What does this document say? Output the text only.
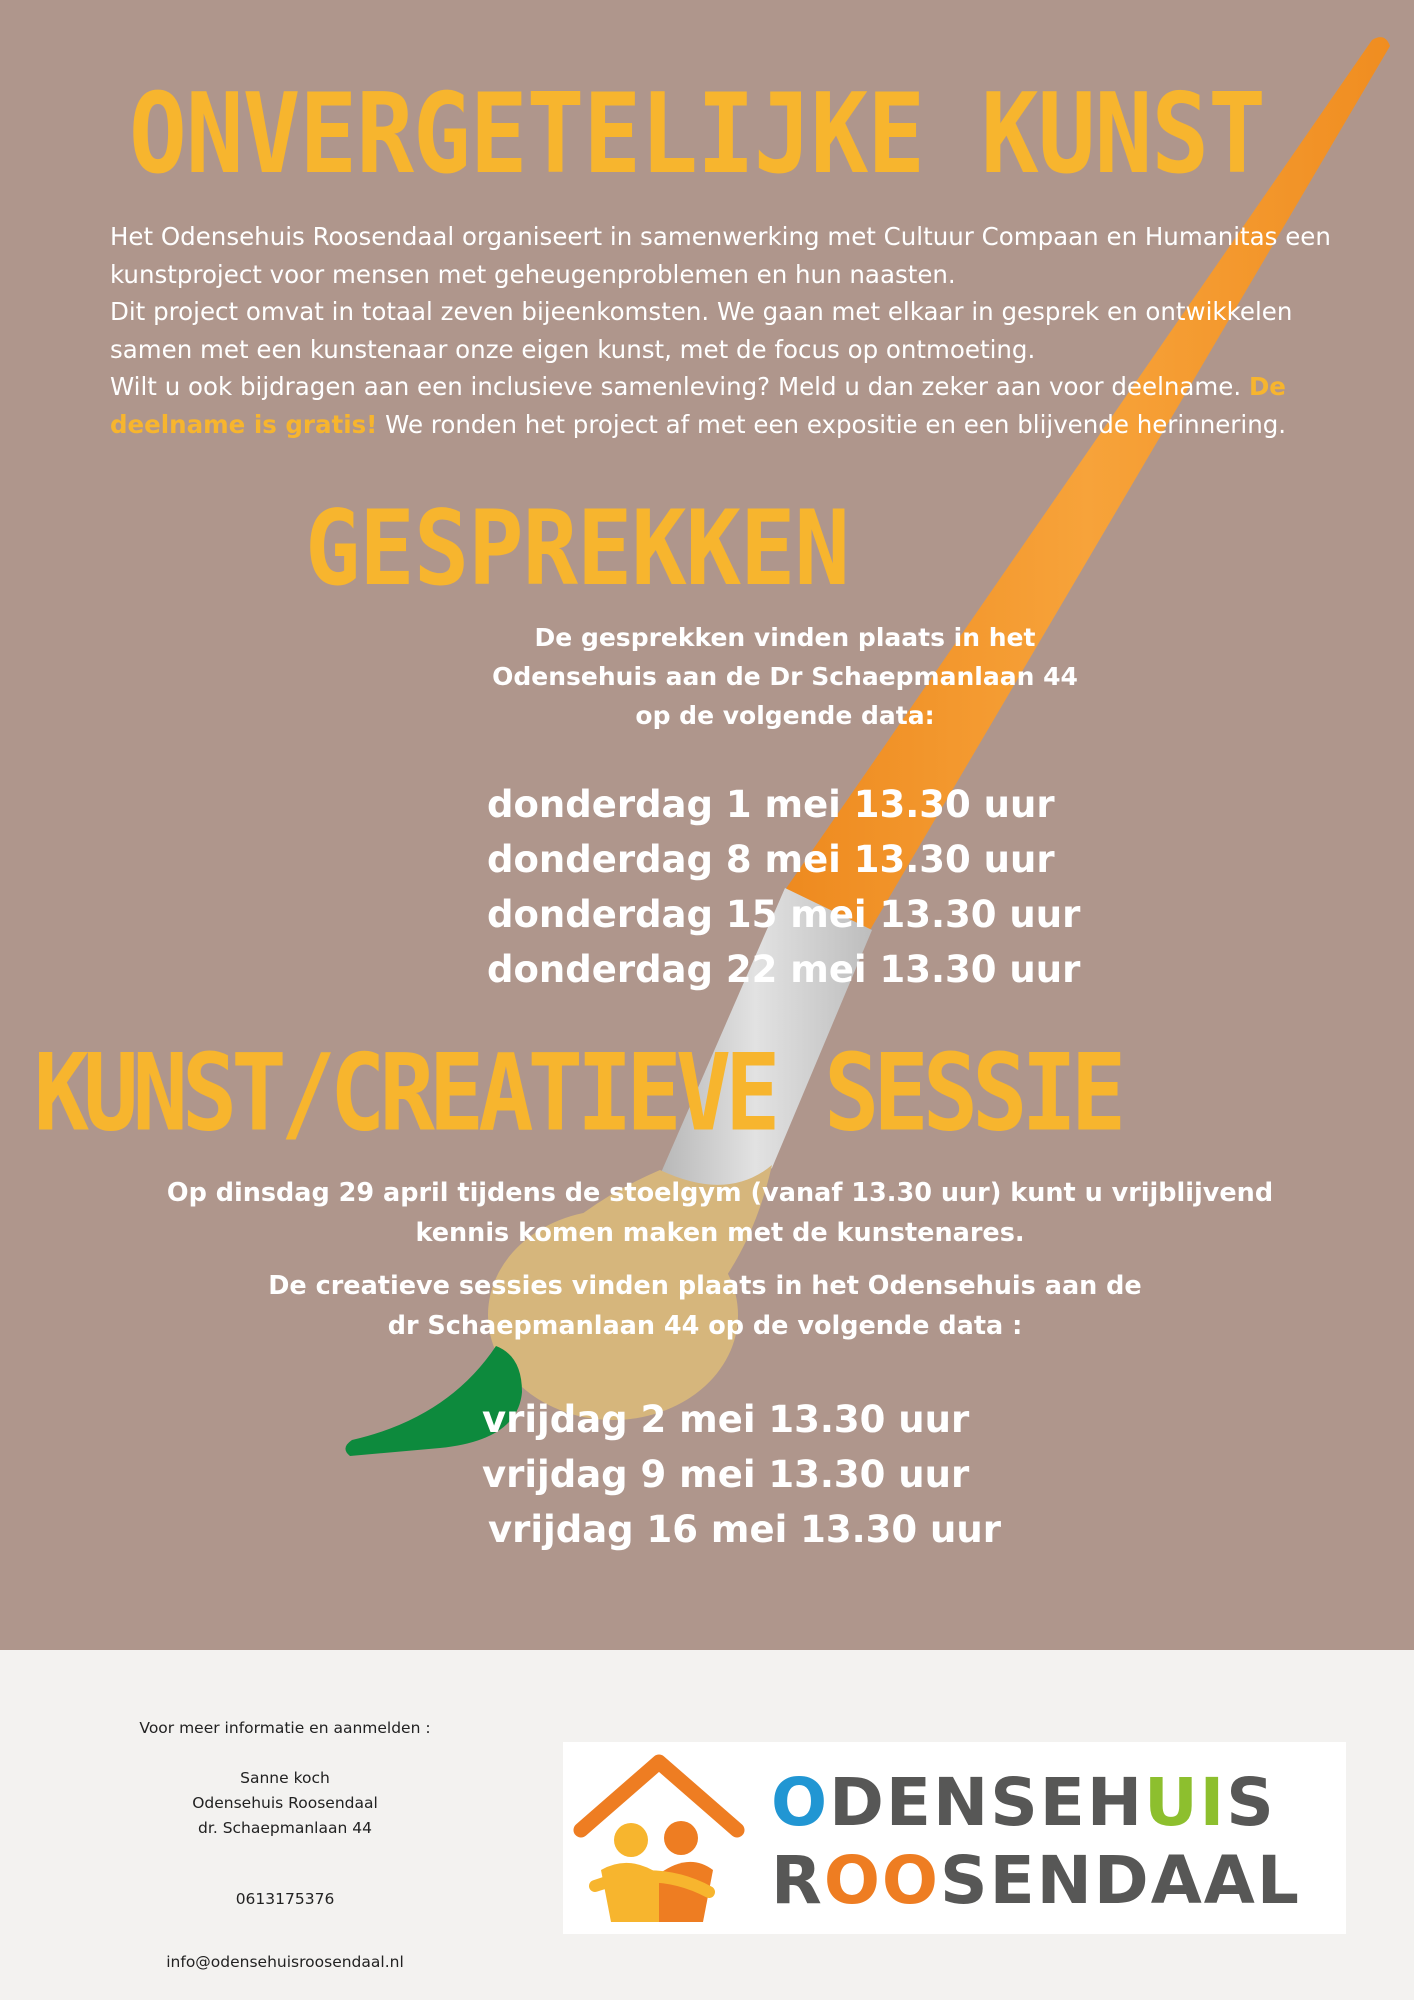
ONVERGETELIJKE KUNST

Het Odensehuis Roosendaal organiseert in samenwerking met Cultuur Compaan en Humanitas een kunstproject voor mensen met geheugenproblemen en hun naasten.

Dit project omvat in totaal zeven bijeenkomsten. We gaan met elkaar in gesprek en ontwikkelen samen met een kunstenaar onze eigen kunst, met de focus op ontmoeting.

Wilt u ook bijdragen aan een inclusieve samenleving? Meld u dan zeker aan voor deelname. De deelname is gratis! We ronden het project af met een expositie en een blijvende herinnering.

GESPREKKEN
De gesprekken vinden plaats in het
Odensehuis aan de Dr Schaepmanlaan 44
op de volgende data:
donderdag 1 mei 13.30 uur
donderdag 8 mei 13.30 uur
donderdag 15 mei 13.30 uur
donderdag 22 mei 13.30 uur
KUNST/CREATIEVE SESSIE
Op dinsdag 29 april tijdens de stoelgym (vanaf 13.30 uur) kunt u vrijblijvend
kennis komen maken met de kunstenares.
De creatieve sessies vinden plaats in het Odensehuis aan de
dr Schaepmanlaan 44 op de volgende data :
vrijdag 2 mei 13.30 uur
vrijdag 9 mei 13.30 uur
vrijdag 16 mei 13.30 uur
Voor meer informatie en aanmelden :
Sanne koch
Odensehuis Roosendaal
dr. Schaepmanlaan 44
0613175376
info@odensehuisroosendaal.nl
ODENSEHUIS
ROOSENDAAL
